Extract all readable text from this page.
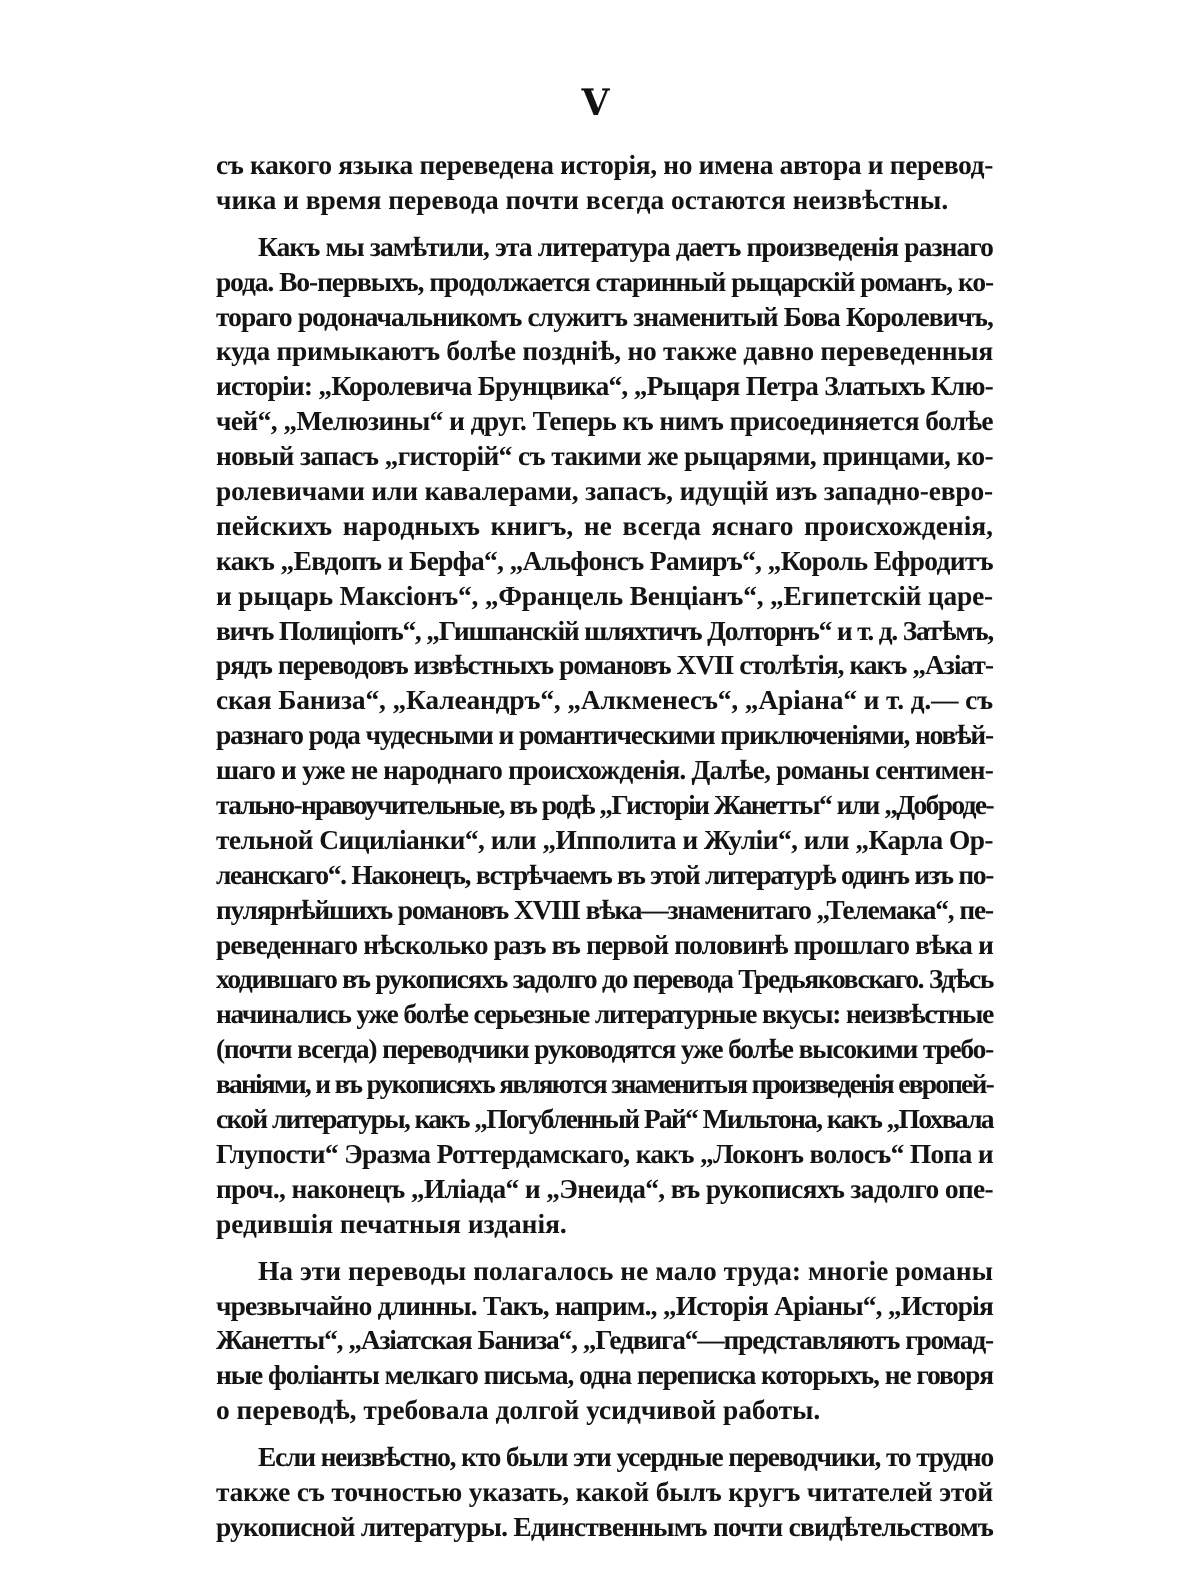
V

съ какого языка переведена исторія, но имена автора и перевод-
чика и время перевода почти всегда остаются неизвѣстны.

Какъ мы замѣтили, эта литература даетъ произведенія разнаго
рода. Во-первыхъ, продолжается старинный рыцарскій романъ, ко-
тораго родоначальникомъ служитъ знаменитый Бова Королевичъ,
куда примыкаютъ болѣе поздніѣ, но также давно переведенныя
исторіи: „Королевича Брунцвика“, „Рыцаря Петра Златыхъ Клю-
чей“, „Мелюзины“ и друг. Теперь къ нимъ присоединяется болѣе
новый запасъ „гисторій“ съ такими же рыцарями, принцами, ко-
ролевичами или кавалерами, запасъ, идущій изъ западно-евро-
пейскихъ народныхъ книгъ, не всегда яснаго происхожденія,
какъ „Евдопъ и Берфа“, „Альфонсъ Рамиръ“, „Король Ефродитъ
и рыцарь Максіонъ“, „Францель Венціанъ“, „Египетскій царе-
вичъ Полиціопъ“, „Гишпанскій шляхтичъ Долторнъ“ и т. д. Затѣмъ,
рядъ переводовъ извѣстныхъ романовъ XVII столѣтія, какъ „Азіат-
ская Баниза“, „Калеандръ“, „Алкменесъ“, „Аріана“ и т. д.— съ
разнаго рода чудесными и романтическими приключеніями, новѣй-
шаго и уже не народнаго происхожденія. Далѣе, романы сентимен-
тально-нравоучительные, въ родѣ „Гисторіи Жанетты“ или „Доброде-
тельной Сициліанки“, или „Ипполита и Жуліи“, или „Карла Ор-
леанскаго“. Наконецъ, встрѣчаемъ въ этой литературѣ одинъ изъ по-
пулярнѣйшихъ романовъ XVIII вѣка—знаменитаго „Телемака“, пе-
реведеннаго нѣсколько разъ въ первой половинѣ прошлаго вѣка и
ходившаго въ рукописяхъ задолго до перевода Тредьяковскаго. Здѣсь
начинались уже болѣе серьезные литературные вкусы: неизвѣстные
(почти всегда) переводчики руководятся уже болѣе высокими требо-
ваніями, и въ рукописяхъ являются знаменитыя произведенія европей-
ской литературы, какъ „Погубленный Рай“ Мильтона, какъ „Похвала
Глупости“ Эразма Роттердамскаго, какъ „Локонъ волосъ“ Попа и
проч., наконецъ „Иліада“ и „Энеида“, въ рукописяхъ задолго опе-
редившія печатныя изданія.

На эти переводы полагалось не мало труда: многіе романы
чрезвычайно длинны. Такъ, наприм., „Исторія Аріаны“, „Исторія
Жанетты“, „Азіатская Баниза“, „Гедвига“—представляютъ громад-
ные фоліанты мелкаго письма, одна переписка которыхъ, не говоря
о переводѣ, требовала долгой усидчивой работы.

Если неизвѣстно, кто были эти усердные переводчики, то трудно
также съ точностью указать, какой былъ кругъ читателей этой
рукописной литературы. Единственнымъ почти свидѣтельствомъ
